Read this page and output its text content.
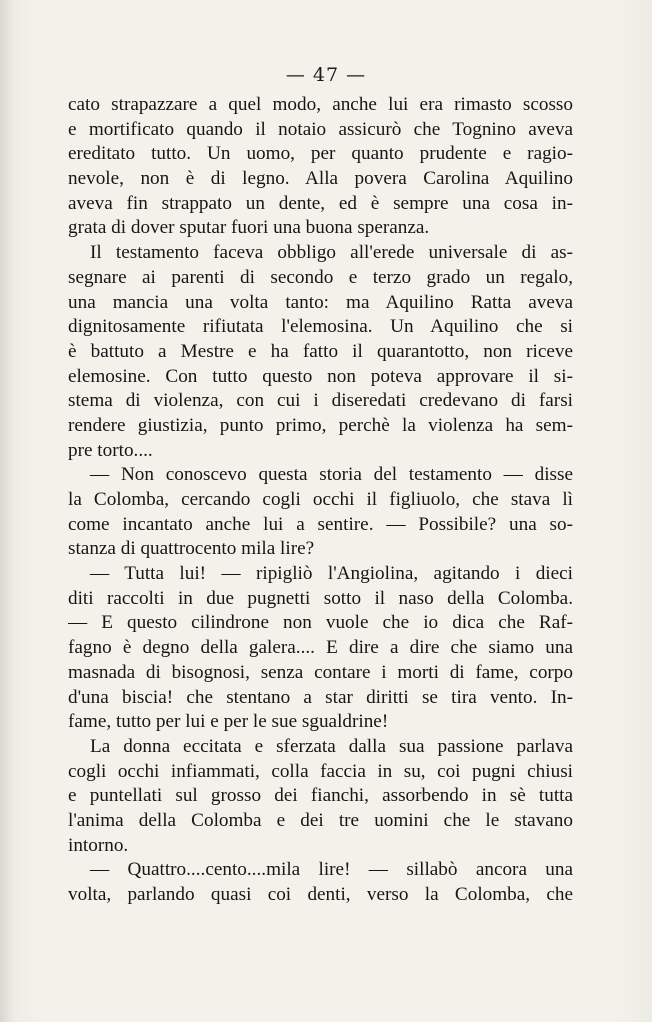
— 47 —
cato strapazzare a quel modo, anche lui era rimasto scosso
e mortificato quando il notaio assicurò che Tognino aveva
ereditato tutto. Un uomo, per quanto prudente e ragio-
nevole, non è di legno. Alla povera Carolina Aquilino
aveva fin strappato un dente, ed è sempre una cosa in-
grata di dover sputar fuori una buona speranza.
Il testamento faceva obbligo all'erede universale di as-
segnare ai parenti di secondo e terzo grado un regalo,
una mancia una volta tanto: ma Aquilino Ratta aveva
dignitosamente rifiutata l'elemosina. Un Aquilino che si
è battuto a Mestre e ha fatto il quarantotto, non riceve
elemosine. Con tutto questo non poteva approvare il si-
stema di violenza, con cui i diseredati credevano di farsi
rendere giustizia, punto primo, perchè la violenza ha sem-
pre torto....
— Non conoscevo questa storia del testamento — disse
la Colomba, cercando cogli occhi il figliuolo, che stava lì
come incantato anche lui a sentire. — Possibile? una so-
stanza di quattrocento mila lire?
— Tutta lui! — ripigliò l'Angiolina, agitando i dieci
diti raccolti in due pugnetti sotto il naso della Colomba.
— E questo cilindrone non vuole che io dica che Raf-
fagno è degno della galera.... E dire a dire che siamo una
masnada di bisognosi, senza contare i morti di fame, corpo
d'una biscia! che stentano a star diritti se tira vento. In-
fame, tutto per lui e per le sue sgualdrine!
La donna eccitata e sferzata dalla sua passione parlava
cogli occhi infiammati, colla faccia in su, coi pugni chiusi
e puntellati sul grosso dei fianchi, assorbendo in sè tutta
l'anima della Colomba e dei tre uomini che le stavano
intorno.
— Quattro....cento....mila lire! — sillabò ancora una
volta, parlando quasi coi denti, verso la Colomba, che
